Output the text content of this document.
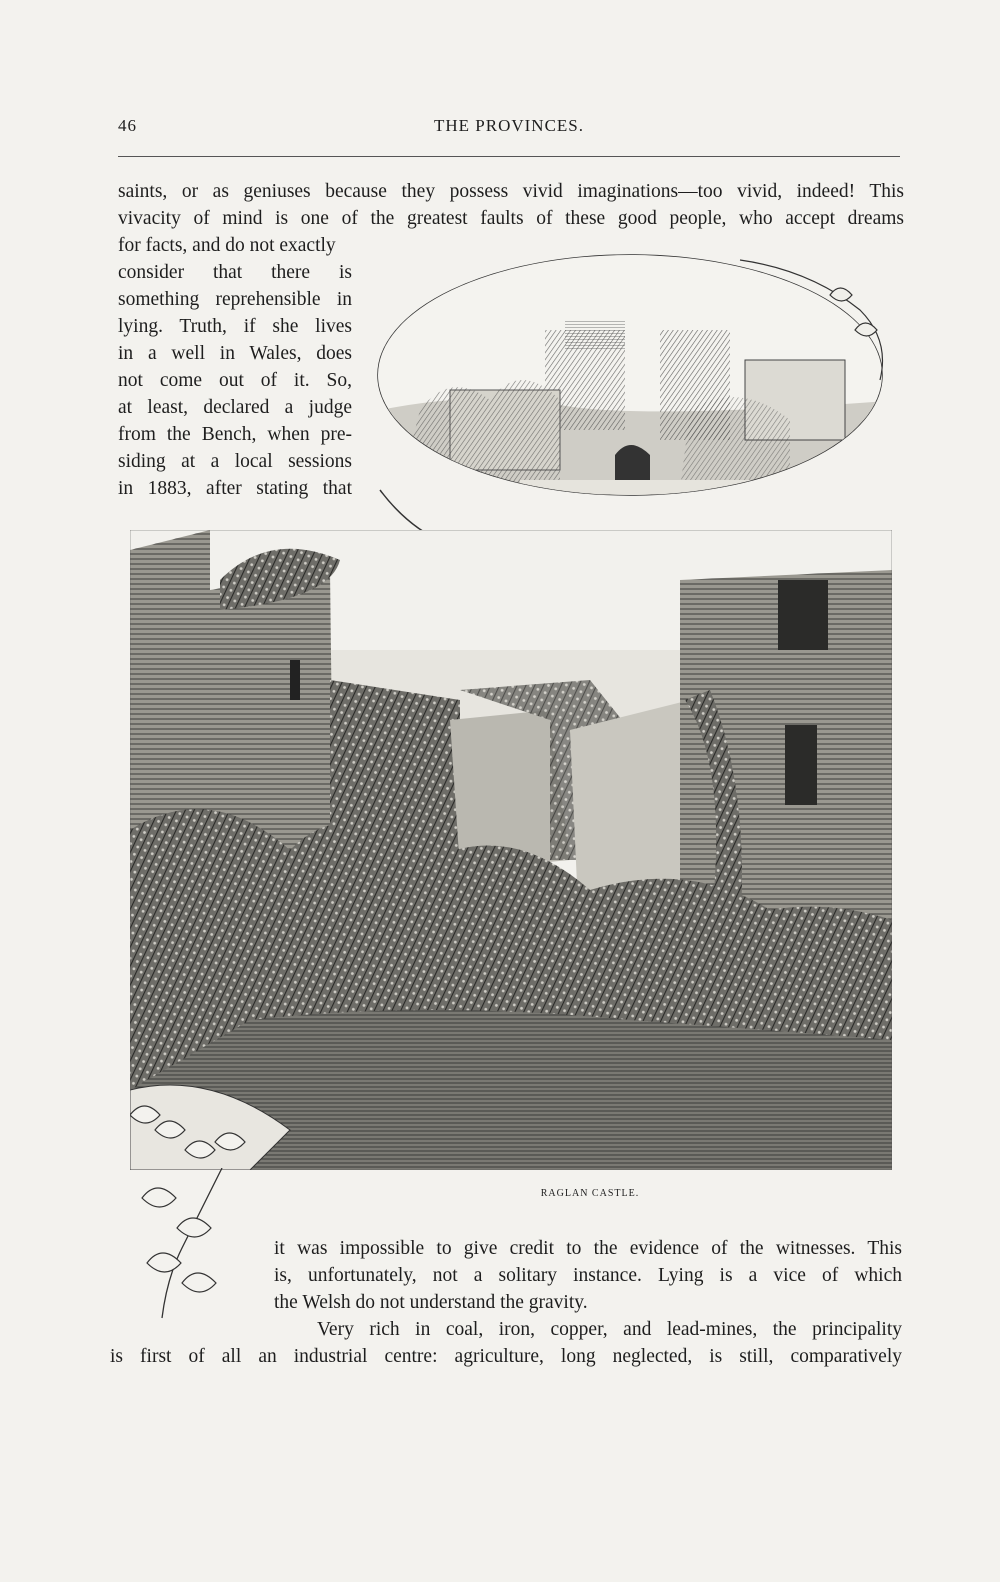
46	THE PROVINCES.
saints, or as geniuses because they possess vivid imaginations—too vivid, indeed! This
vivacity of mind is one of the greatest faults of these good people, who accept dreams
for facts, and do not exactly
consider that there is
something reprehensible in
lying. Truth, if she lives
in a well in Wales, does
not come out of it. So,
at least, declared a judge
from the Bench, when pre-
siding at a local sessions
in 1883, after stating that
RAGLAN CASTLE.
it was impossible to give credit to the evidence of the witnesses. This
is, unfortunately, not a solitary instance. Lying is a vice of which
the Welsh do not understand the gravity.
Very rich in coal, iron, copper, and lead-mines, the principality
is first of all an industrial centre: agriculture, long neglected, is still, comparatively
